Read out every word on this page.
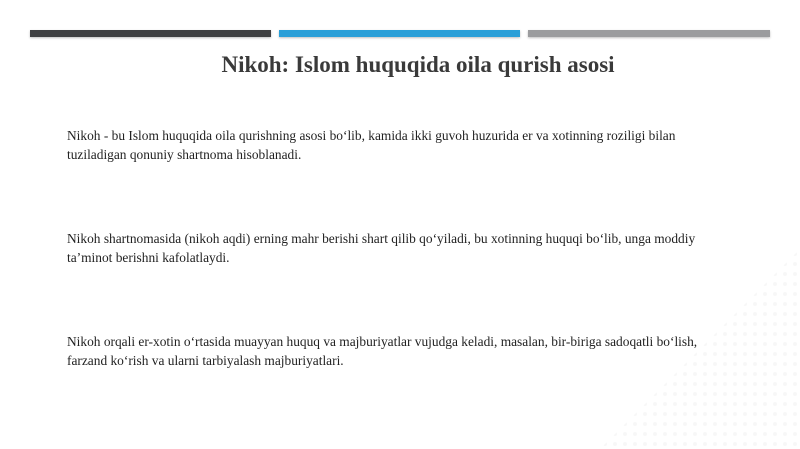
Nikoh: Islom huquqida oila qurish asosi

Nikoh - bu Islom huquqida oila qurishning asosi bo‘lib, kamida ikki guvoh huzurida er va xotinning roziligi bilan tuziladigan qonuniy shartnoma hisoblanadi.

Nikoh shartnomasida (nikoh aqdi) erning mahr berishi shart qilib qo‘yiladi, bu xotinning huquqi bo‘lib, unga moddiy ta’minot berishni kafolatlaydi.

Nikoh orqali er-xotin o‘rtasida muayyan huquq va majburiyatlar vujudga keladi, masalan, bir-biriga sadoqatli bo‘lish, farzand ko‘rish va ularni tarbiyalash majburiyatlari.
